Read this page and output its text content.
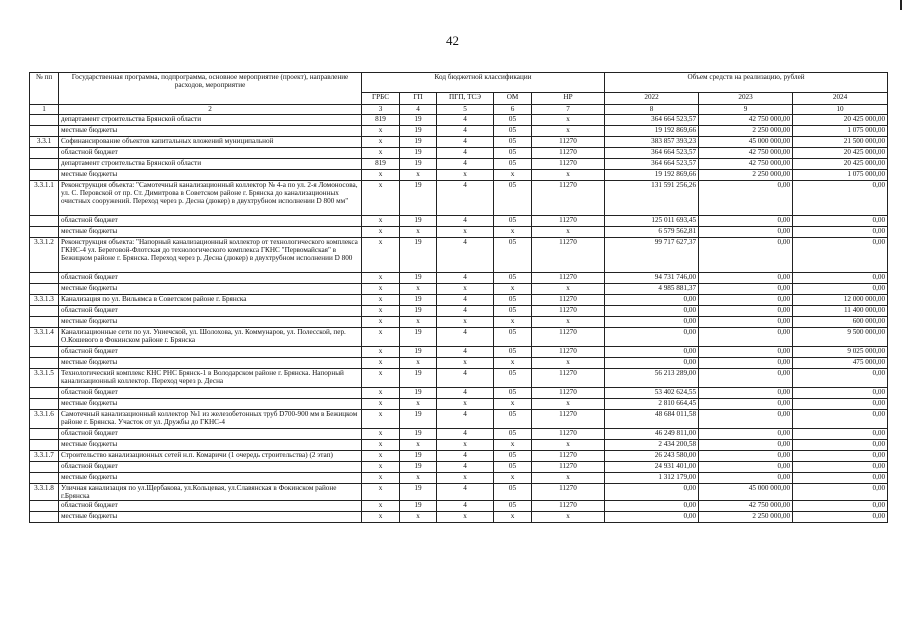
42
№ пп	Государственная программа, подпрограмма, основное мероприятие (проект), направление расходов, мероприятие	Код бюджетной классификации					Объем средств на реализацию, рублей		
		ГРБС	ГП	ПГП, ТСЭ	ОМ	НР	2022	2023	2024
1	2	3	4	5	6	7	8	9	10
	департамент строительства Брянской области	819	19	4	05	х	364 664 523,57	42 750 000,00	20 425 000,00
	местные бюджеты	х	19	4	05	х	19 192 869,66	2 250 000,00	1 075 000,00
3.3.1	Софинансирование объектов капитальных вложений муниципальной	х	19	4	05	11270	383 857 393,23	45 000 000,00	21 500 000,00
	областной бюджет	х	19	4	05	11270	364 664 523,57	42 750 000,00	20 425 000,00
	департамент строительства Брянской области	819	19	4	05	11270	364 664 523,57	42 750 000,00	20 425 000,00
	местные бюджеты	х	х	х	х	х	19 192 869,66	2 250 000,00	1 075 000,00
3.3.1.1	Реконструкция объекта: "Самотечный канализационный коллектор № 4-а по ул. 2-я Ломоносова, ул. С. Перовской от пр. Ст. Димитрова в Советском районе г. Брянска до канализационных очистных сооружений. Переход через р. Десна (дюкер) в двухтрубном исполнении D 800 мм"	х	19	4	05	11270	131 591 256,26	0,00	0,00
	областной бюджет	х	19	4	05	11270	125 011 693,45	0,00	0,00
	местные бюджеты	х	х	х	х	х	6 579 562,81	0,00	0,00
3.3.1.2	Реконструкция объекта: "Напорный канализационный коллектор от технологического комплекса ГКНС-4 ул. Береговой-Флотская до технологического комплекса ГКНС "Первомайская" в Бежицком районе г. Брянска. Переход через р. Десна (дюкер) в двухтрубном исполнении D 800	х	19	4	05	11270	99 717 627,37	0,00	0,00
	областной бюджет	х	19	4	05	11270	94 731 746,00	0,00	0,00
	местные бюджеты	х	х	х	х	х	4 985 881,37	0,00	0,00
3.3.1.3	Канализация по ул. Вильямса в Советском районе г. Брянска	х	19	4	05	11270	0,00	0,00	12 000 000,00
	областной бюджет	х	19	4	05	11270	0,00	0,00	11 400 000,00
	местные бюджеты	х	х	х	х	х	0,00	0,00	600 000,00
3.3.1.4	Канализационные сети по ул. Униечской, ул. Шолохова, ул. Коммунаров, ул. Полесской, пер. О.Кошевого в Фокинском районе г. Брянска	х	19	4	05	11270	0,00	0,00	9 500 000,00
	областной бюджет	х	19	4	05	11270	0,00	0,00	9 025 000,00
	местные бюджеты	х	х	х	х	х	0,00	0,00	475 000,00
3.3.1.5	Технологический комплекс КНС РНС Брянск-1 в Володарском районе г. Брянска. Напорный канализационный коллектор. Переход через р. Десна	х	19	4	05	11270	56 213 289,00	0,00	0,00
	областной бюджет	х	19	4	05	11270	53 402 624,55	0,00	0,00
	местные бюджеты	х	х	х	х	х	2 810 664,45	0,00	0,00
3.3.1.6	Самотечный канализационный коллектор №1 из железобетонных труб D700-900 мм в Бежицком районе г. Брянска. Участок от ул. Дружбы до ГКНС-4	х	19	4	05	11270	48 684 011,58	0,00	0,00
	областной бюджет	х	19	4	05	11270	46 249 811,00	0,00	0,00
	местные бюджеты	х	х	х	х	х	2 434 200,58	0,00	0,00
3.3.1.7	Строительство канализационных сетей н.п. Комаричи (1 очередь строительства) (2 этап)	х	19	4	05	11270	26 243 580,00	0,00	0,00
	областной бюджет	х	19	4	05	11270	24 931 401,00	0,00	0,00
	местные бюджеты	х	х	х	х	х	1 312 179,00	0,00	0,00
3.3.1.8	Уличная канализация по ул.Щербакова, ул.Кольцевая, ул.Славянская в Фокинском районе г.Брянска	х	19	4	05	11270	0,00	45 000 000,00	0,00
	областной бюджет	х	19	4	05	11270	0,00	42 750 000,00	0,00
	местные бюджеты	х	х	х	х	х	0,00	2 250 000,00	0,00
